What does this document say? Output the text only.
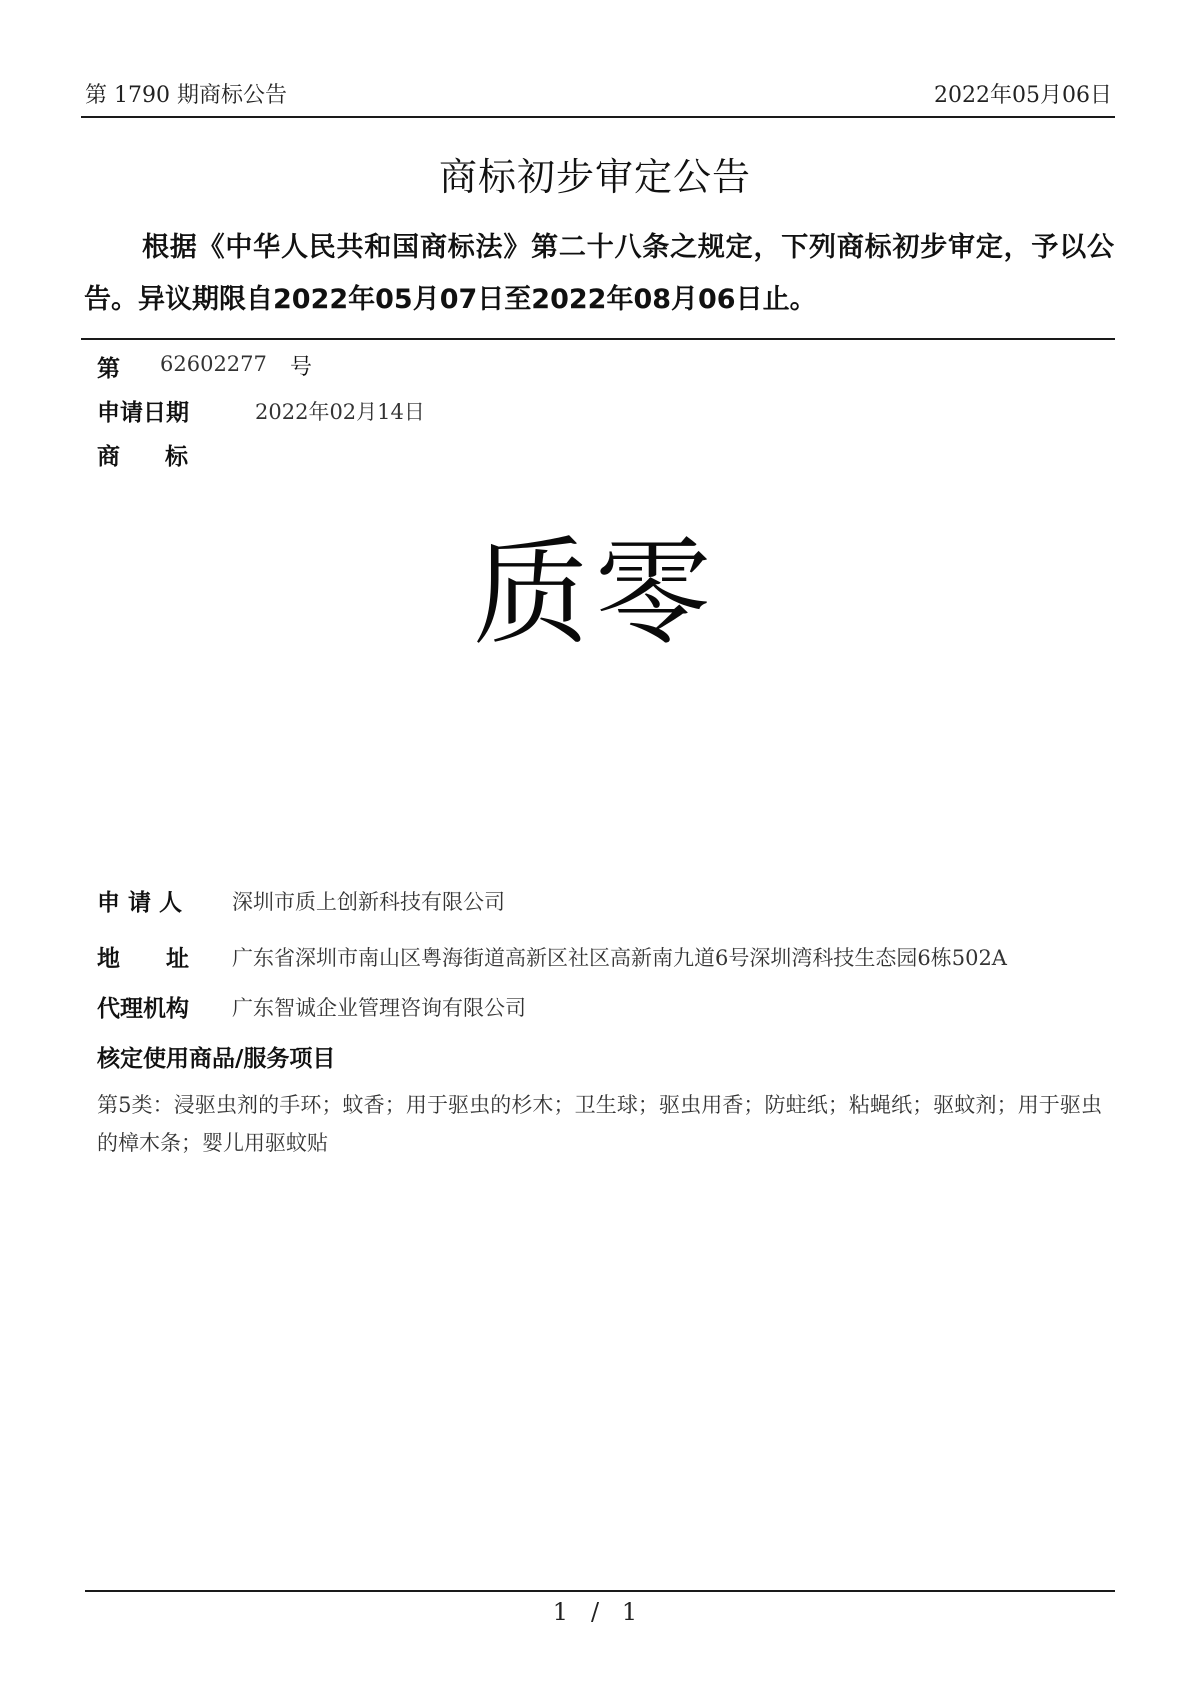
第 1790 期商标公告	2022年05月06日
商标初步审定公告
根据《中华人民共和国商标法》第二十八条之规定，下列商标初步审定，予以公告。异议期限自2022年05月07日至2022年08月06日止。
第 62602277 号
申请日期	2022年02月14日
商 标
质零
申 请 人 深圳市质上创新科技有限公司
地 址 广东省深圳市南山区粤海街道高新区社区高新南九道6号深圳湾科技生态园6栋502A
代理机构 广东智诚企业管理咨询有限公司
核定使用商品/服务项目
第5类：浸驱虫剂的手环；蚊香；用于驱虫的杉木；卫生球；驱虫用香；防蛀纸；粘蝇纸；驱蚊剂；用于驱虫的樟木条；婴儿用驱蚊贴
1   /   1
